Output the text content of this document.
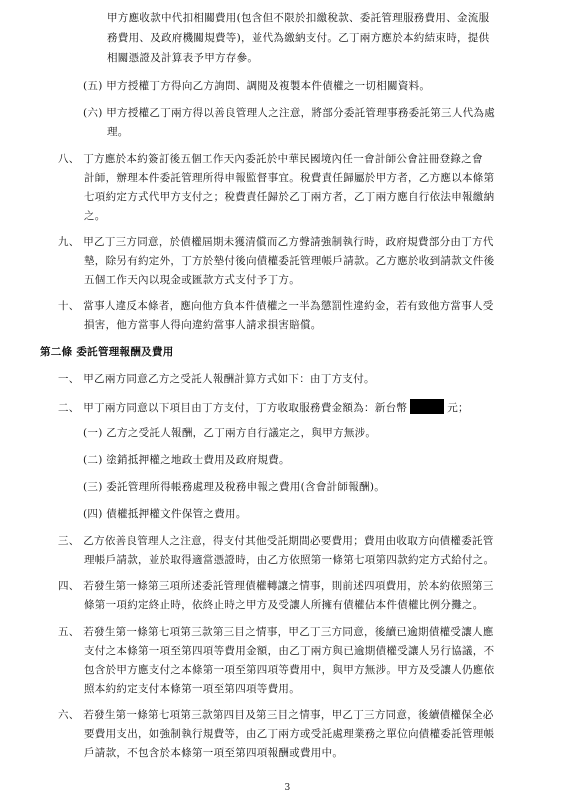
甲方應收款中代扣相關費用(包含但不限於扣繳稅款、委託管理服務費用、金流服
務費用、及政府機關規費等)，並代為繳納支付。乙丁兩方應於本約結束時，提供
相關憑證及計算表予甲方存參。
(五) 甲方授權丁方得向乙方詢問、調閱及複製本件債權之一切相關資料。
(六) 甲方授權乙丁兩方得以善良管理人之注意，將部分委託管理事務委託第三人代為處
理。
八、 丁方應於本約簽訂後五個工作天內委託於中華民國境內任一會計師公會註冊登錄之會
計師，辦理本件委託管理所得申報監督事宜。稅費責任歸屬於甲方者，乙方應以本條第
七項約定方式代甲方支付之；稅費責任歸於乙丁兩方者，乙丁兩方應自行依法申報繳納
之。
九、 甲乙丁三方同意，於債權屆期未獲清償而乙方聲請強制執行時，政府規費部分由丁方代
墊，除另有約定外，丁方於墊付後向債權委託管理帳戶請款。乙方應於收到請款文件後
五個工作天內以現金或匯款方式支付予丁方。
十、 當事人違反本條者，應向他方負本件債權之一半為懲罰性違約金，若有致他方當事人受
損害，他方當事人得向違約當事人請求損害賠償。
第二條 委託管理報酬及費用
一、 甲乙兩方同意乙方之受託人報酬計算方式如下：由丁方支付。
二、 甲丁兩方同意以下項目由丁方支付，丁方收取服務費金額為：新台幣	元；
(一) 乙方之受託人報酬，乙丁兩方自行議定之，與甲方無涉。
(二) 塗銷抵押權之地政士費用及政府規費。
(三) 委託管理所得帳務處理及稅務申報之費用(含會計師報酬)。
(四) 債權抵押權文件保管之費用。
三、 乙方依善良管理人之注意，得支付其他受託期間必要費用；費用由收取方向債權委託管
理帳戶請款，並於取得適當憑證時，由乙方依照第一條第七項第四款約定方式給付之。
四、 若發生第一條第三項所述委託管理債權轉讓之情事，則前述四項費用，於本約依照第三
條第一項約定終止時，依終止時之甲方及受讓人所擁有債權佔本件債權比例分攤之。
五、 若發生第一條第七項第三款第三目之情事，甲乙丁三方同意，後續已逾期債權受讓人應
支付之本條第一項至第四項等費用金額，由乙丁兩方與已逾期債權受讓人另行協議，不
包含於甲方應支付之本條第一項至第四項等費用中，與甲方無涉。甲方及受讓人仍應依
照本約約定支付本條第一項至第四項等費用。
六、 若發生第一條第七項第三款第四目及第三目之情事，甲乙丁三方同意，後續債權保全必
要費用支出，如強制執行規費等，由乙丁兩方或受託處理業務之單位向債權委託管理帳
戶請款，不包含於本條第一項至第四項報酬或費用中。
3
